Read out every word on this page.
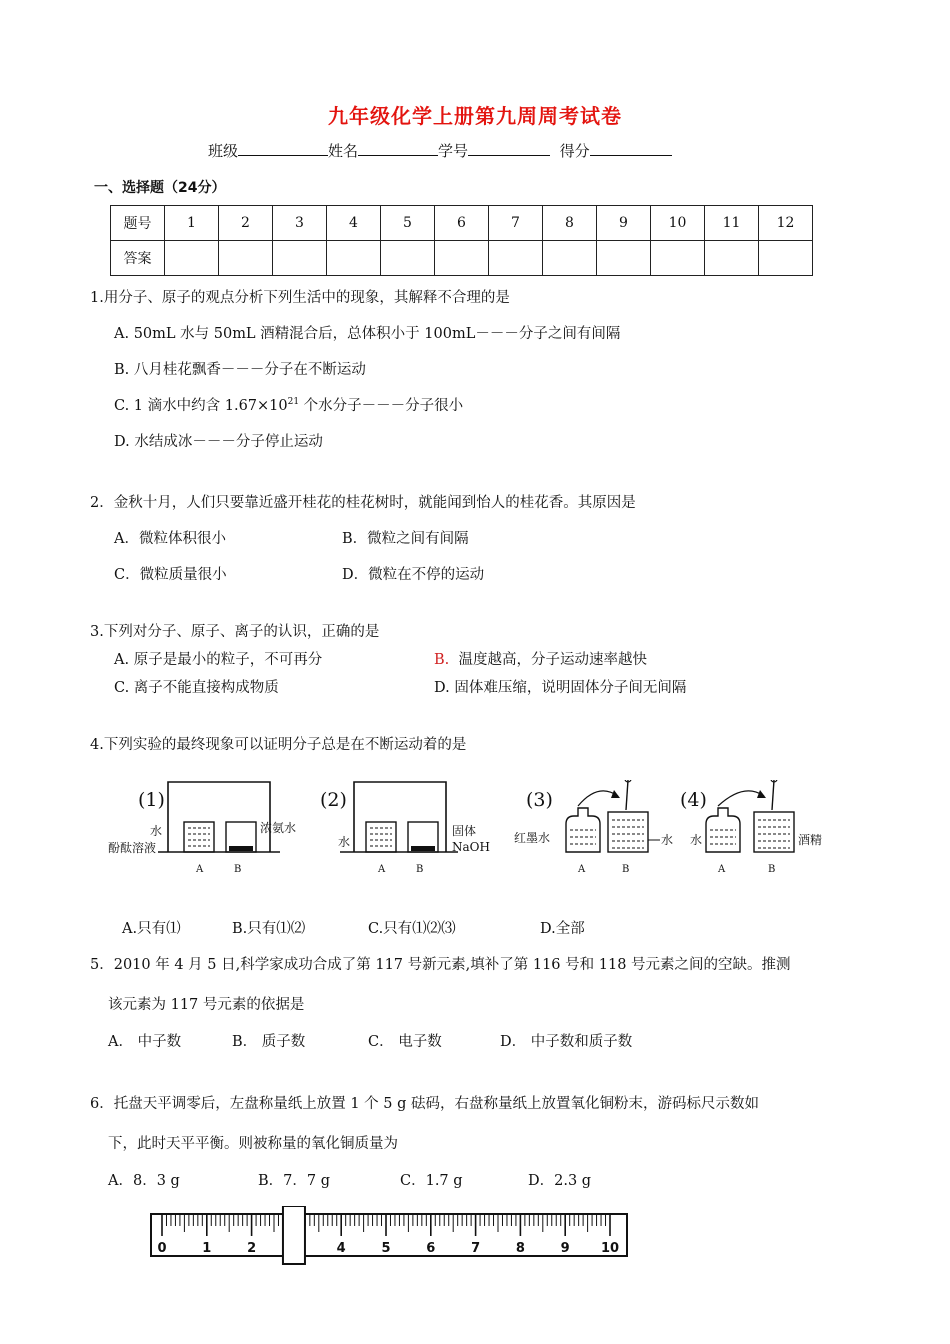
九年级化学上册第九周周考试卷
班级	姓名	学号	得分
一、选择题（24分）
题号	1	2	3	4	5	6	7	8	9	10	11	12
答案												
1.用分子、原子的观点分析下列生活中的现象，其解释不合理的是
A. 50mL 水与 50mL 酒精混合后，总体积小于 100mL－－－分子之间有间隔
B. 八月桂花飘香－－－分子在不断运动
C. 1 滴水中约含 $1.67\times 10^{21}$ 个水分子－－－分子很小
D. 水结成冰－－－分子停止运动
2．金秋十月，人们只要靠近盛开桂花的桂花树时，就能闻到怡人的桂花香。其原因是
A．微粒体积很小	B．微粒之间有间隔
C．微粒质量很小	D．微粒在不停的运动
3.下列对分子、原子、离子的认识，正确的是
A. 原子是最小的粒子，不可再分	B. 温度越高，分子运动速率越快
C. 离子不能直接构成物质	D. 固体难压缩，说明固体分子间无间隔
4.下列实验的最终现象可以证明分子总是在不断运动着的是
(1)
水
酚酞溶液
浓氨水
A	B
(2)
水
固体
NaOH
A	B
(3)
红墨水	水
A	B
(4)
水	酒精
A	B
A.只有⑴	B.只有⑴⑵	C.只有⑴⑵⑶	D.全部
5．2010 年 4 月 5 日,科学家成功合成了第 117 号新元素,填补了第 116 号和 118 号元素之间的空缺。推测
该元素为 117 号元素的依据是
A． 中子数	B． 质子数	C． 电子数	D． 中子数和质子数
6．托盘天平调零后，左盘称量纸上放置 1 个 5 g 砝码，右盘称量纸上放置氧化铜粉末，游码标尺示数如
下，此时天平平衡。则被称量的氧化铜质量为
A．8．3 g	B．7．7 g	C．1.7 g	D．2.3 g
0	1	2	4	5	6	7	8	9 10
